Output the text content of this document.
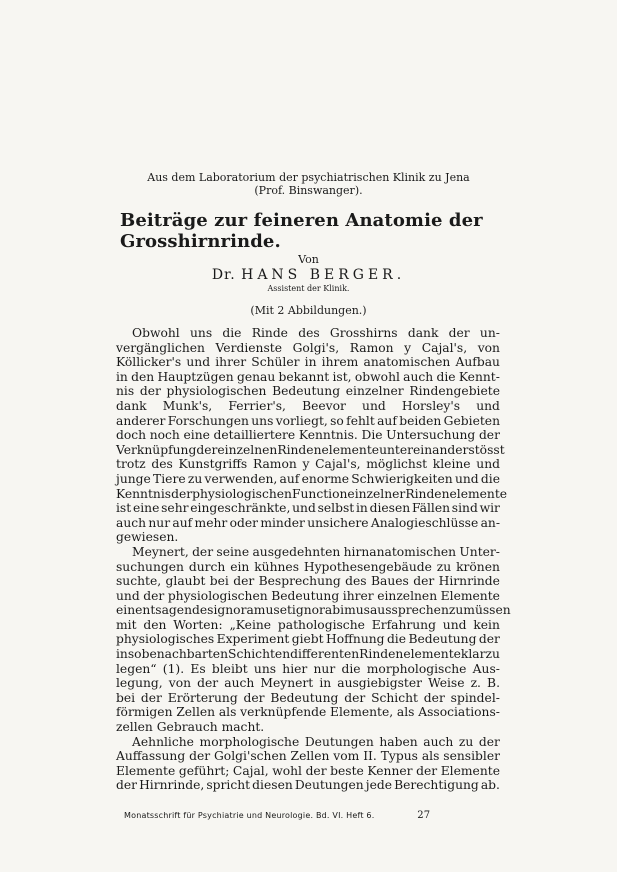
Aus dem Laboratorium der psychiatrischen Klinik zu Jena
(Prof. Binswanger).
Beiträge zur feineren Anatomie der Grosshirnrinde.
Von
Dr. HANS BERGER.
Assistent der Klinik.
(Mit 2 Abbildungen.)
Obwohl uns die Rinde des Grosshirns dank der un-
vergänglichen Verdienste Golgi's, Ramon y Cajal's, von
Köllicker's und ihrer Schüler in ihrem anatomischen Aufbau
in den Hauptzügen genau bekannt ist, obwohl auch die Kennt-
nis der physiologischen Bedeutung einzelner Rindengebiete
dank Munk's, Ferrier's, Beevor und Horsley's und
anderer Forschungen uns vorliegt, so fehlt auf beiden Gebieten
doch noch eine detailliertere Kenntnis. Die Untersuchung der
Verknüpfung der einzelnen Rindenelemente untereinander stösst
trotz des Kunstgriffs Ramon y Cajal's, möglichst kleine und
junge Tiere zu verwenden, auf enorme Schwierigkeiten und die
Kenntnis der physiologischen Function einzelner Rindenelemente
ist eine sehr eingeschränkte, und selbst in diesen Fällen sind wir
auch nur auf mehr oder minder unsichere Analogieschlüsse an-
gewiesen.
Meynert, der seine ausgedehnten hirnanatomischen Unter-
suchungen durch ein kühnes Hypothesengebäude zu krönen
suchte, glaubt bei der Besprechung des Baues der Hirnrinde
und der physiologischen Bedeutung ihrer einzelnen Elemente
ein entsagendes ignoramus et ignorabimus aussprechen zu müssen
mit den Worten: „Keine pathologische Erfahrung und kein
physiologisches Experiment giebt Hoffnung die Bedeutung der
in so benachbarten Schichten differenten Rindenelemente klar zu
legen“ (1). Es bleibt uns hier nur die morphologische Aus-
legung, von der auch Meynert in ausgiebigster Weise z. B.
bei der Erörterung der Bedeutung der Schicht der spindel-
förmigen Zellen als verknüpfende Elemente, als Associations-
zellen Gebrauch macht.
Aehnliche morphologische Deutungen haben auch zu der
Auffassung der Golgi'schen Zellen vom II. Typus als sensibler
Elemente geführt; Cajal, wohl der beste Kenner der Elemente
der Hirnrinde, spricht diesen Deutungen jede Berechtigung ab.
Monatsschrift für Psychiatrie und Neurologie. Bd. VI. Heft 6.	27
